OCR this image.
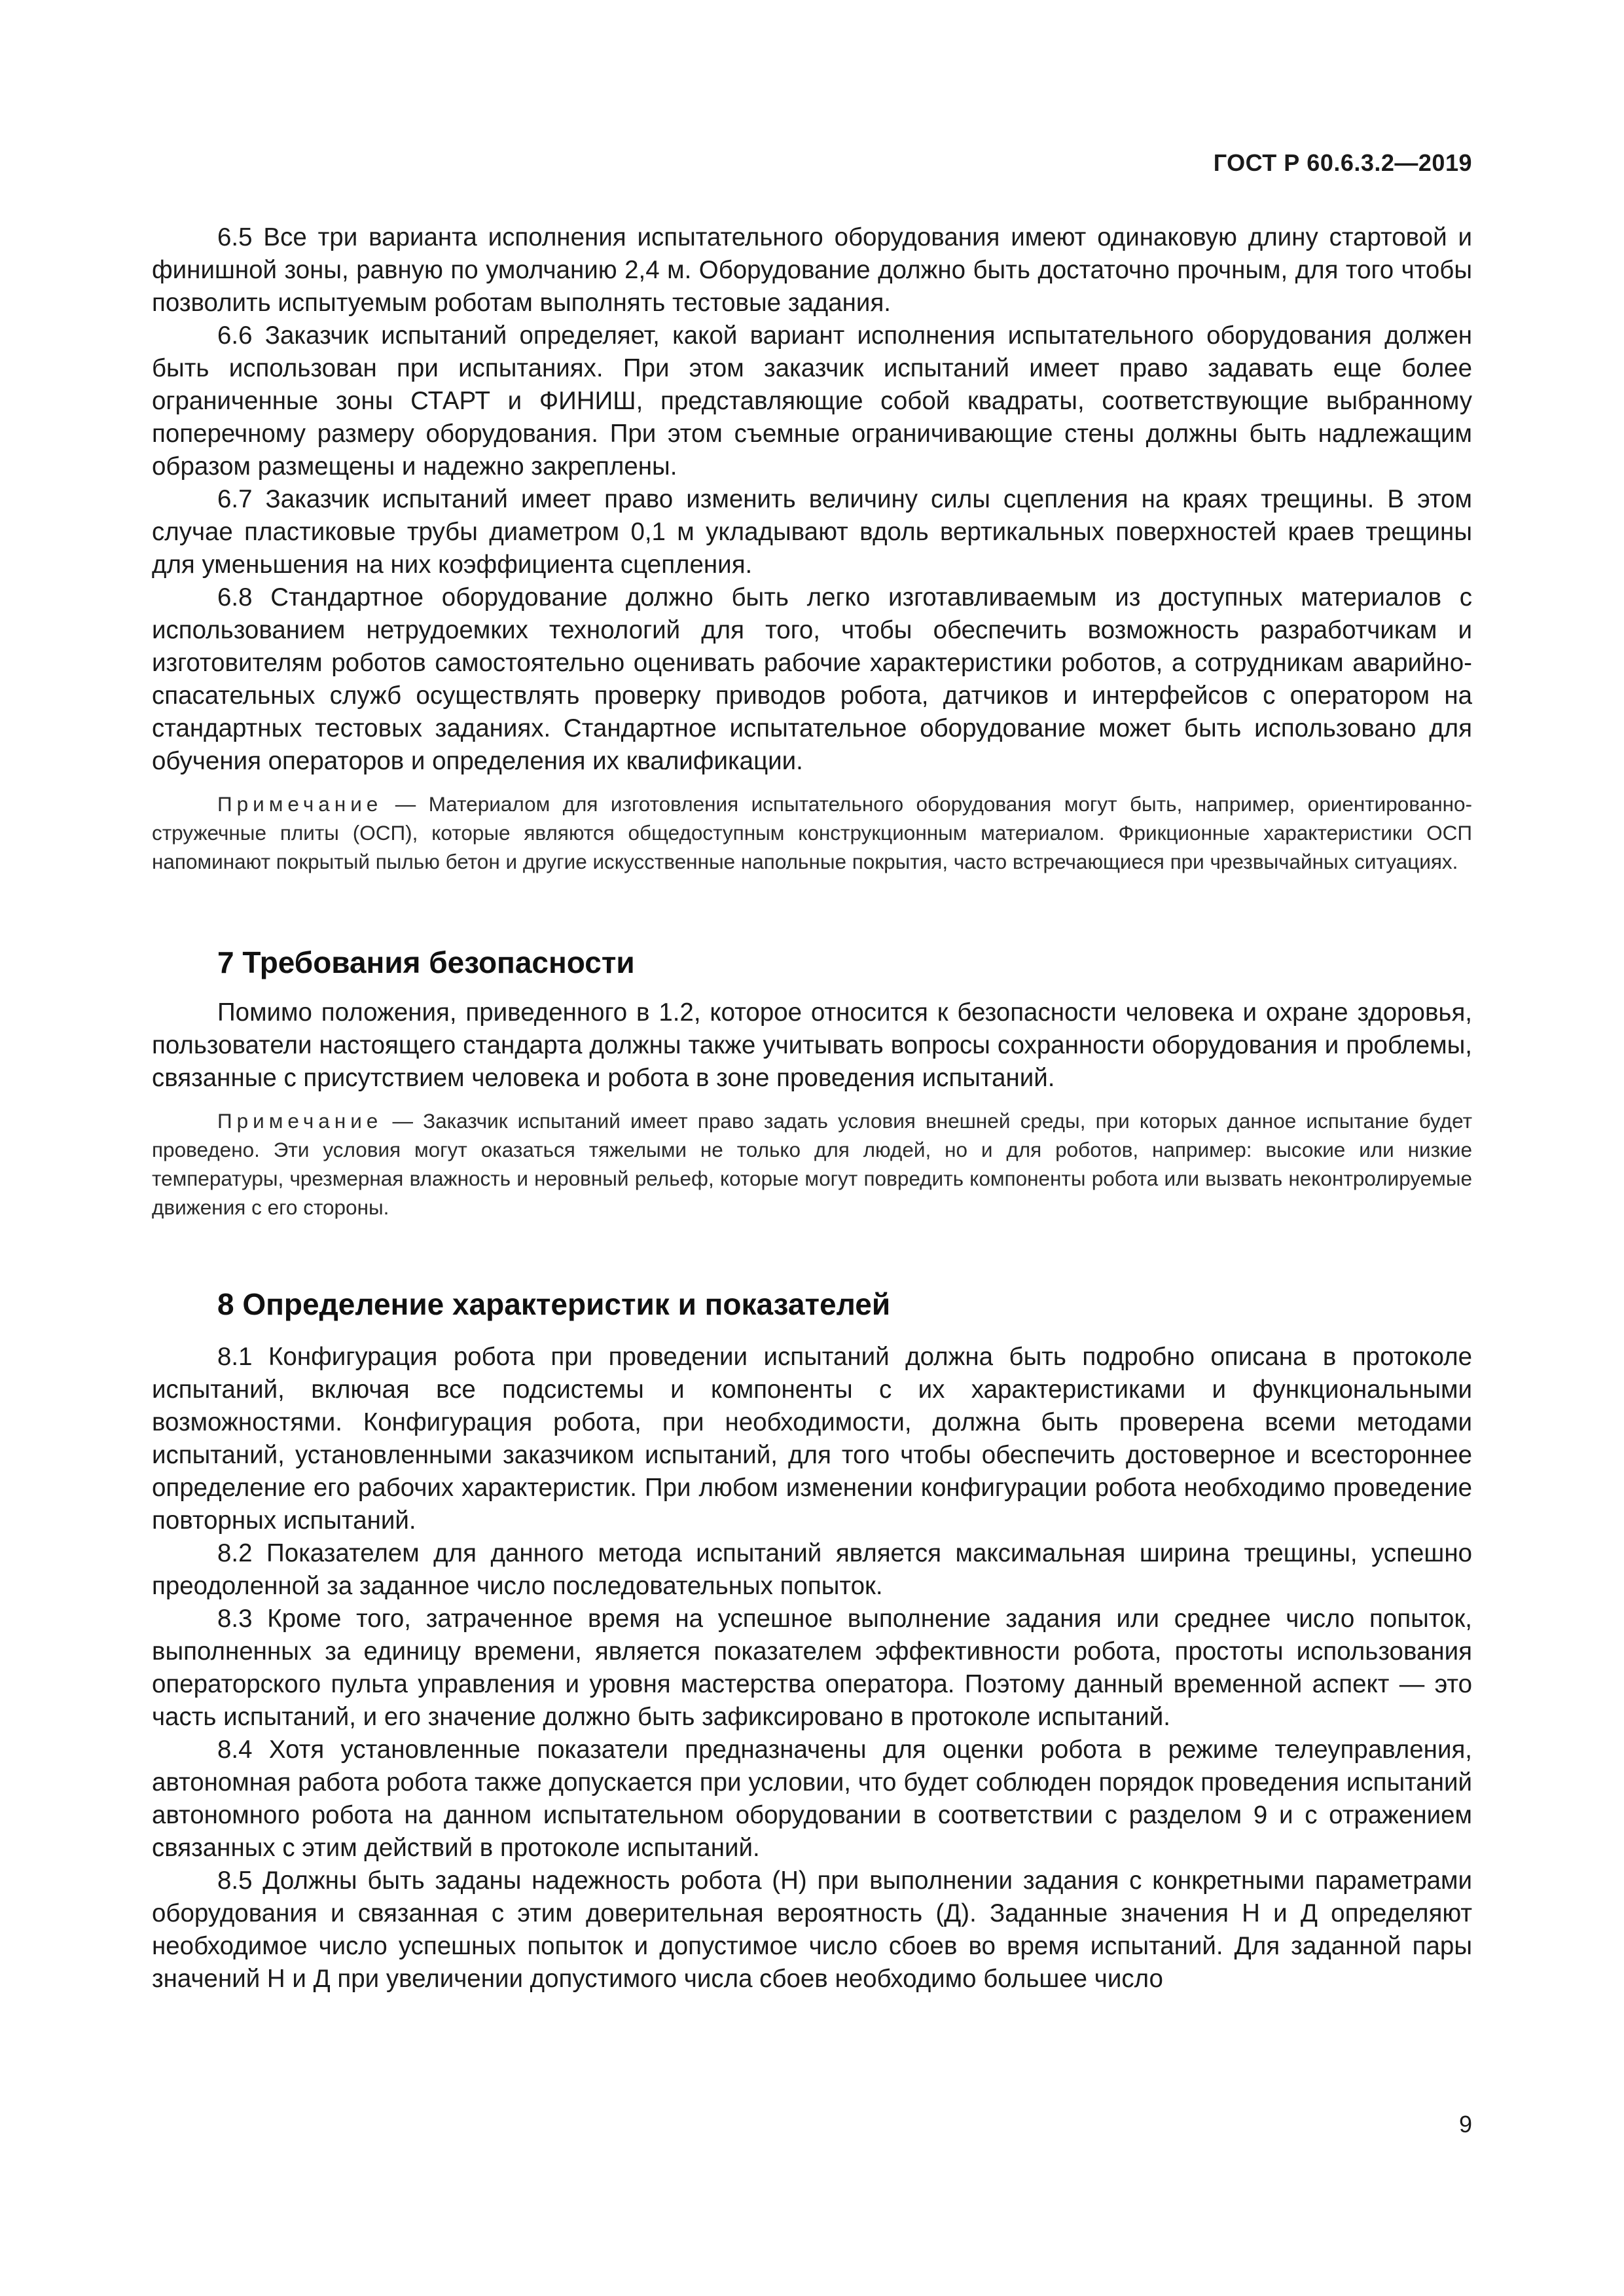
ГОСТ Р 60.6.3.2—2019

6.5 Все три варианта исполнения испытательного оборудования имеют одинаковую длину стартовой и финишной зоны, равную по умолчанию 2,4 м. Оборудование должно быть достаточно прочным, для того чтобы позволить испытуемым роботам выполнять тестовые задания.

6.6 Заказчик испытаний определяет, какой вариант исполнения испытательного оборудования должен быть использован при испытаниях. При этом заказчик испытаний имеет право задавать еще более ограниченные зоны СТАРТ и ФИНИШ, представляющие собой квадраты, соответствующие выбранному поперечному размеру оборудования. При этом съемные ограничивающие стены должны быть надлежащим образом размещены и надежно закреплены.

6.7 Заказчик испытаний имеет право изменить величину силы сцепления на краях трещины. В этом случае пластиковые трубы диаметром 0,1 м укладывают вдоль вертикальных поверхностей краев трещины для уменьшения на них коэффициента сцепления.

6.8 Стандартное оборудование должно быть легко изготавливаемым из доступных материалов с использованием нетрудоемких технологий для того, чтобы обеспечить возможность разработчикам и изготовителям роботов самостоятельно оценивать рабочие характеристики роботов, а сотрудникам аварийно-спасательных служб осуществлять проверку приводов робота, датчиков и интерфейсов с оператором на стандартных тестовых заданиях. Стандартное испытательное оборудование может быть использовано для обучения операторов и определения их квалификации.

Примечание — Материалом для изготовления испытательного оборудования могут быть, например, ориентированно-стружечные плиты (ОСП), которые являются общедоступным конструкционным материалом. Фрикционные характеристики ОСП напоминают покрытый пылью бетон и другие искусственные напольные покрытия, часто встречающиеся при чрезвычайных ситуациях.

7 Требования безопасности

Помимо положения, приведенного в 1.2, которое относится к безопасности человека и охране здоровья, пользователи настоящего стандарта должны также учитывать вопросы сохранности оборудования и проблемы, связанные с присутствием человека и робота в зоне проведения испытаний.

Примечание — Заказчик испытаний имеет право задать условия внешней среды, при которых данное испытание будет проведено. Эти условия могут оказаться тяжелыми не только для людей, но и для роботов, например: высокие или низкие температуры, чрезмерная влажность и неровный рельеф, которые могут повредить компоненты робота или вызвать неконтролируемые движения с его стороны.

8 Определение характеристик и показателей

8.1 Конфигурация робота при проведении испытаний должна быть подробно описана в протоколе испытаний, включая все подсистемы и компоненты с их характеристиками и функциональными возможностями. Конфигурация робота, при необходимости, должна быть проверена всеми методами испытаний, установленными заказчиком испытаний, для того чтобы обеспечить достоверное и всестороннее определение его рабочих характеристик. При любом изменении конфигурации робота необходимо проведение повторных испытаний.

8.2 Показателем для данного метода испытаний является максимальная ширина трещины, успешно преодоленной за заданное число последовательных попыток.

8.3 Кроме того, затраченное время на успешное выполнение задания или среднее число попыток, выполненных за единицу времени, является показателем эффективности робота, простоты использования операторского пульта управления и уровня мастерства оператора. Поэтому данный временной аспект — это часть испытаний, и его значение должно быть зафиксировано в протоколе испытаний.

8.4 Хотя установленные показатели предназначены для оценки робота в режиме телеуправления, автономная работа робота также допускается при условии, что будет соблюден порядок проведения испытаний автономного робота на данном испытательном оборудовании в соответствии с разделом 9 и с отражением связанных с этим действий в протоколе испытаний.

8.5 Должны быть заданы надежность робота (Н) при выполнении задания с конкретными параметрами оборудования и связанная с этим доверительная вероятность (Д). Заданные значения Н и Д определяют необходимое число успешных попыток и допустимое число сбоев во время испытаний. Для заданной пары значений Н и Д при увеличении допустимого числа сбоев необходимо большее число

9
